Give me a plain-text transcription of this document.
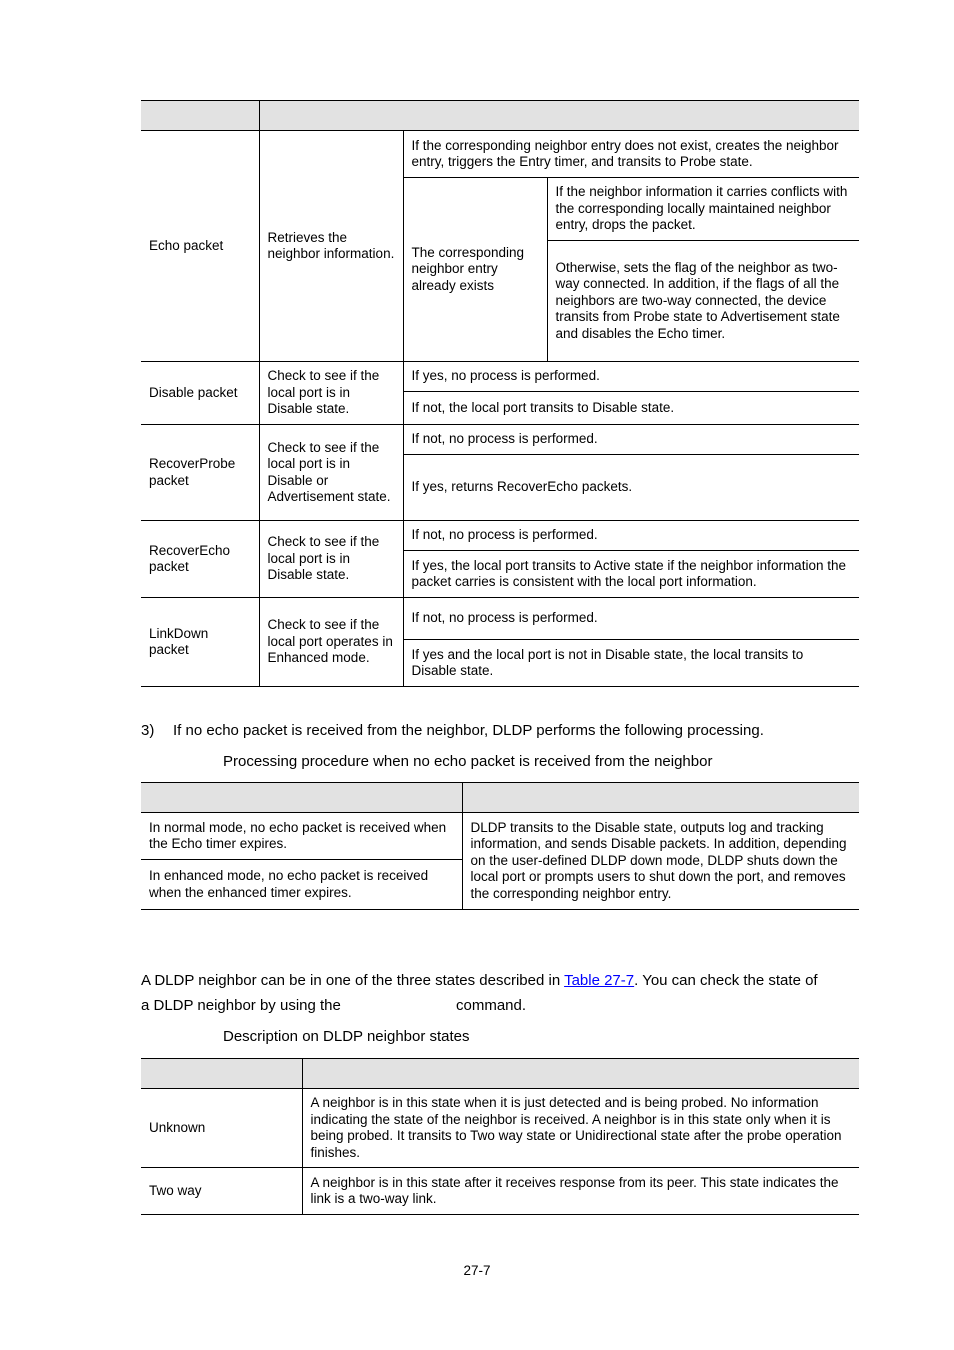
Echo packet	Retrieves the neighbor information.	If the corresponding neighbor entry does not exist, creates the neighbor entry, triggers the Entry timer, and transits to Probe state.	
		The corresponding neighbor entry already exists	If the neighbor information it carries conflicts with the corresponding locally maintained neighbor entry, drops the packet.
			Otherwise, sets the flag of the neighbor as two-way connected. In addition, if the flags of all the neighbors are two-way connected, the device transits from Probe state to Advertisement state and disables the Echo timer.
Disable packet	Check to see if the local port is in Disable state.	If yes, no process is performed.	
		If not, the local port transits to Disable state.	
RecoverProbe packet	Check to see if the local port is in Disable or Advertisement state.	If not, no process is performed.	
		If yes, returns RecoverEcho packets.	
RecoverEcho packet	Check to see if the local port is in Disable state.	If not, no process is performed.	
		If yes, the local port transits to Active state if the neighbor information the packet carries is consistent with the local port information.	
LinkDown packet	Check to see if the local port operates in Enhanced mode.	If not, no process is performed.	
		If yes and the local port is not in Disable state, the local transits to Disable state.	
3) If no echo packet is received from the neighbor, DLDP performs the following processing.
Processing procedure when no echo packet is received from the neighbor

In normal mode, no echo packet is received when the Echo timer expires.	DLDP transits to the Disable state, outputs log and tracking information, and sends Disable packets. In addition, depending on the user-defined DLDP down mode, DLDP shuts down the local port or prompts users to shut down the port, and removes the corresponding neighbor entry.
In enhanced mode, no echo packet is received when the enhanced timer expires.	
A DLDP neighbor can be in one of the three states described in Table 27-7. You can check the state of
a DLDP neighbor by using the	command.
Description on DLDP neighbor states

Unknown	A neighbor is in this state when it is just detected and is being probed. No information indicating the state of the neighbor is received. A neighbor is in this state only when it is being probed. It transits to Two way state or Unidirectional state after the probe operation finishes.
Two way	A neighbor is in this state after it receives response from its peer. This state indicates the link is a two-way link.
27-7
